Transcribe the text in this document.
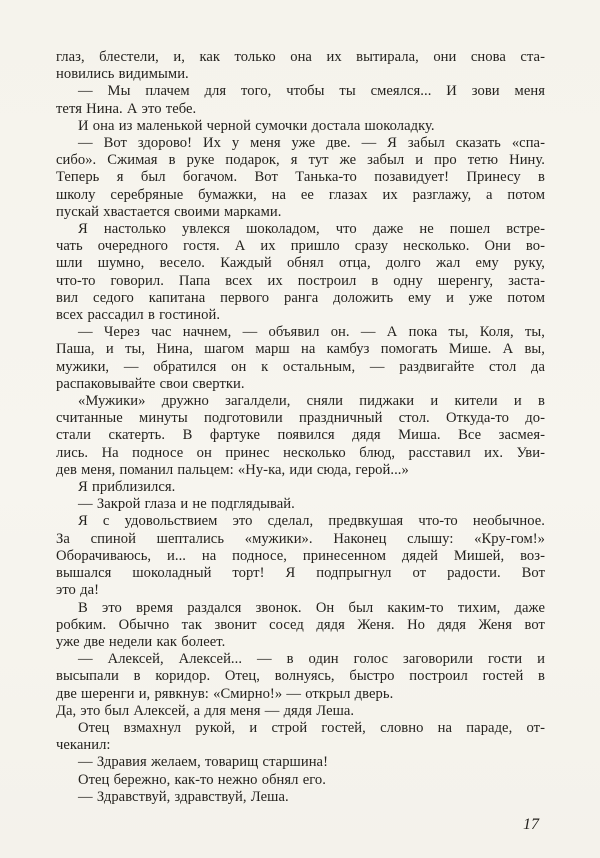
глаз, блестели, и, как только она их вытирала, они снова ста-
новились видимыми.
— Мы плачем для того, чтобы ты смеялся... И зови меня
тетя Нина. А это тебе.
И она из маленькой черной сумочки достала шоколадку.
— Вот здорово! Их у меня уже две. — Я забыл сказать «спа-
сибо». Сжимая в руке подарок, я тут же забыл и про тетю Нину.
Теперь я был богачом. Вот Танька-то позавидует! Принесу в
школу серебряные бумажки, на ее глазах их разглажу, а потом
пускай хвастается своими марками.
Я настолько увлекся шоколадом, что даже не пошел встре-
чать очередного гостя. А их пришло сразу несколько. Они во-
шли шумно, весело. Каждый обнял отца, долго жал ему руку,
что-то говорил. Папа всех их построил в одну шеренгу, заста-
вил седого капитана первого ранга доложить ему и уже потом
всех рассадил в гостиной.
— Через час начнем, — объявил он. — А пока ты, Коля, ты,
Паша, и ты, Нина, шагом марш на камбуз помогать Мише. А вы,
мужики, — обратился он к остальным, — раздвигайте стол да
распаковывайте свои свертки.
«Мужики» дружно загалдели, сняли пиджаки и кители и в
считанные минуты подготовили праздничный стол. Откуда-то до-
стали скатерть. В фартуке появился дядя Миша. Все засмея-
лись. На подносе он принес несколько блюд, расставил их. Уви-
дев меня, поманил пальцем: «Ну-ка, иди сюда, герой...»
Я приблизился.
— Закрой глаза и не подглядывай.
Я с удовольствием это сделал, предвкушая что-то необычное.
За спиной шептались «мужики». Наконец слышу: «Кру-гом!»
Оборачиваюсь, и... на подносе, принесенном дядей Мишей, воз-
вышался шоколадный торт! Я подпрыгнул от радости. Вот
это да!
В это время раздался звонок. Он был каким-то тихим, даже
робким. Обычно так звонит сосед дядя Женя. Но дядя Женя вот
уже две недели как болеет.
— Алексей, Алексей... — в один голос заговорили гости и
высыпали в коридор. Отец, волнуясь, быстро построил гостей в
две шеренги и, рявкнув: «Смирно!» — открыл дверь.
Да, это был Алексей, а для меня — дядя Леша.
Отец взмахнул рукой, и строй гостей, словно на параде, от-
чеканил:
— Здравия желаем, товарищ старшина!
Отец бережно, как-то нежно обнял его.
— Здравствуй, здравствуй, Леша.
17
